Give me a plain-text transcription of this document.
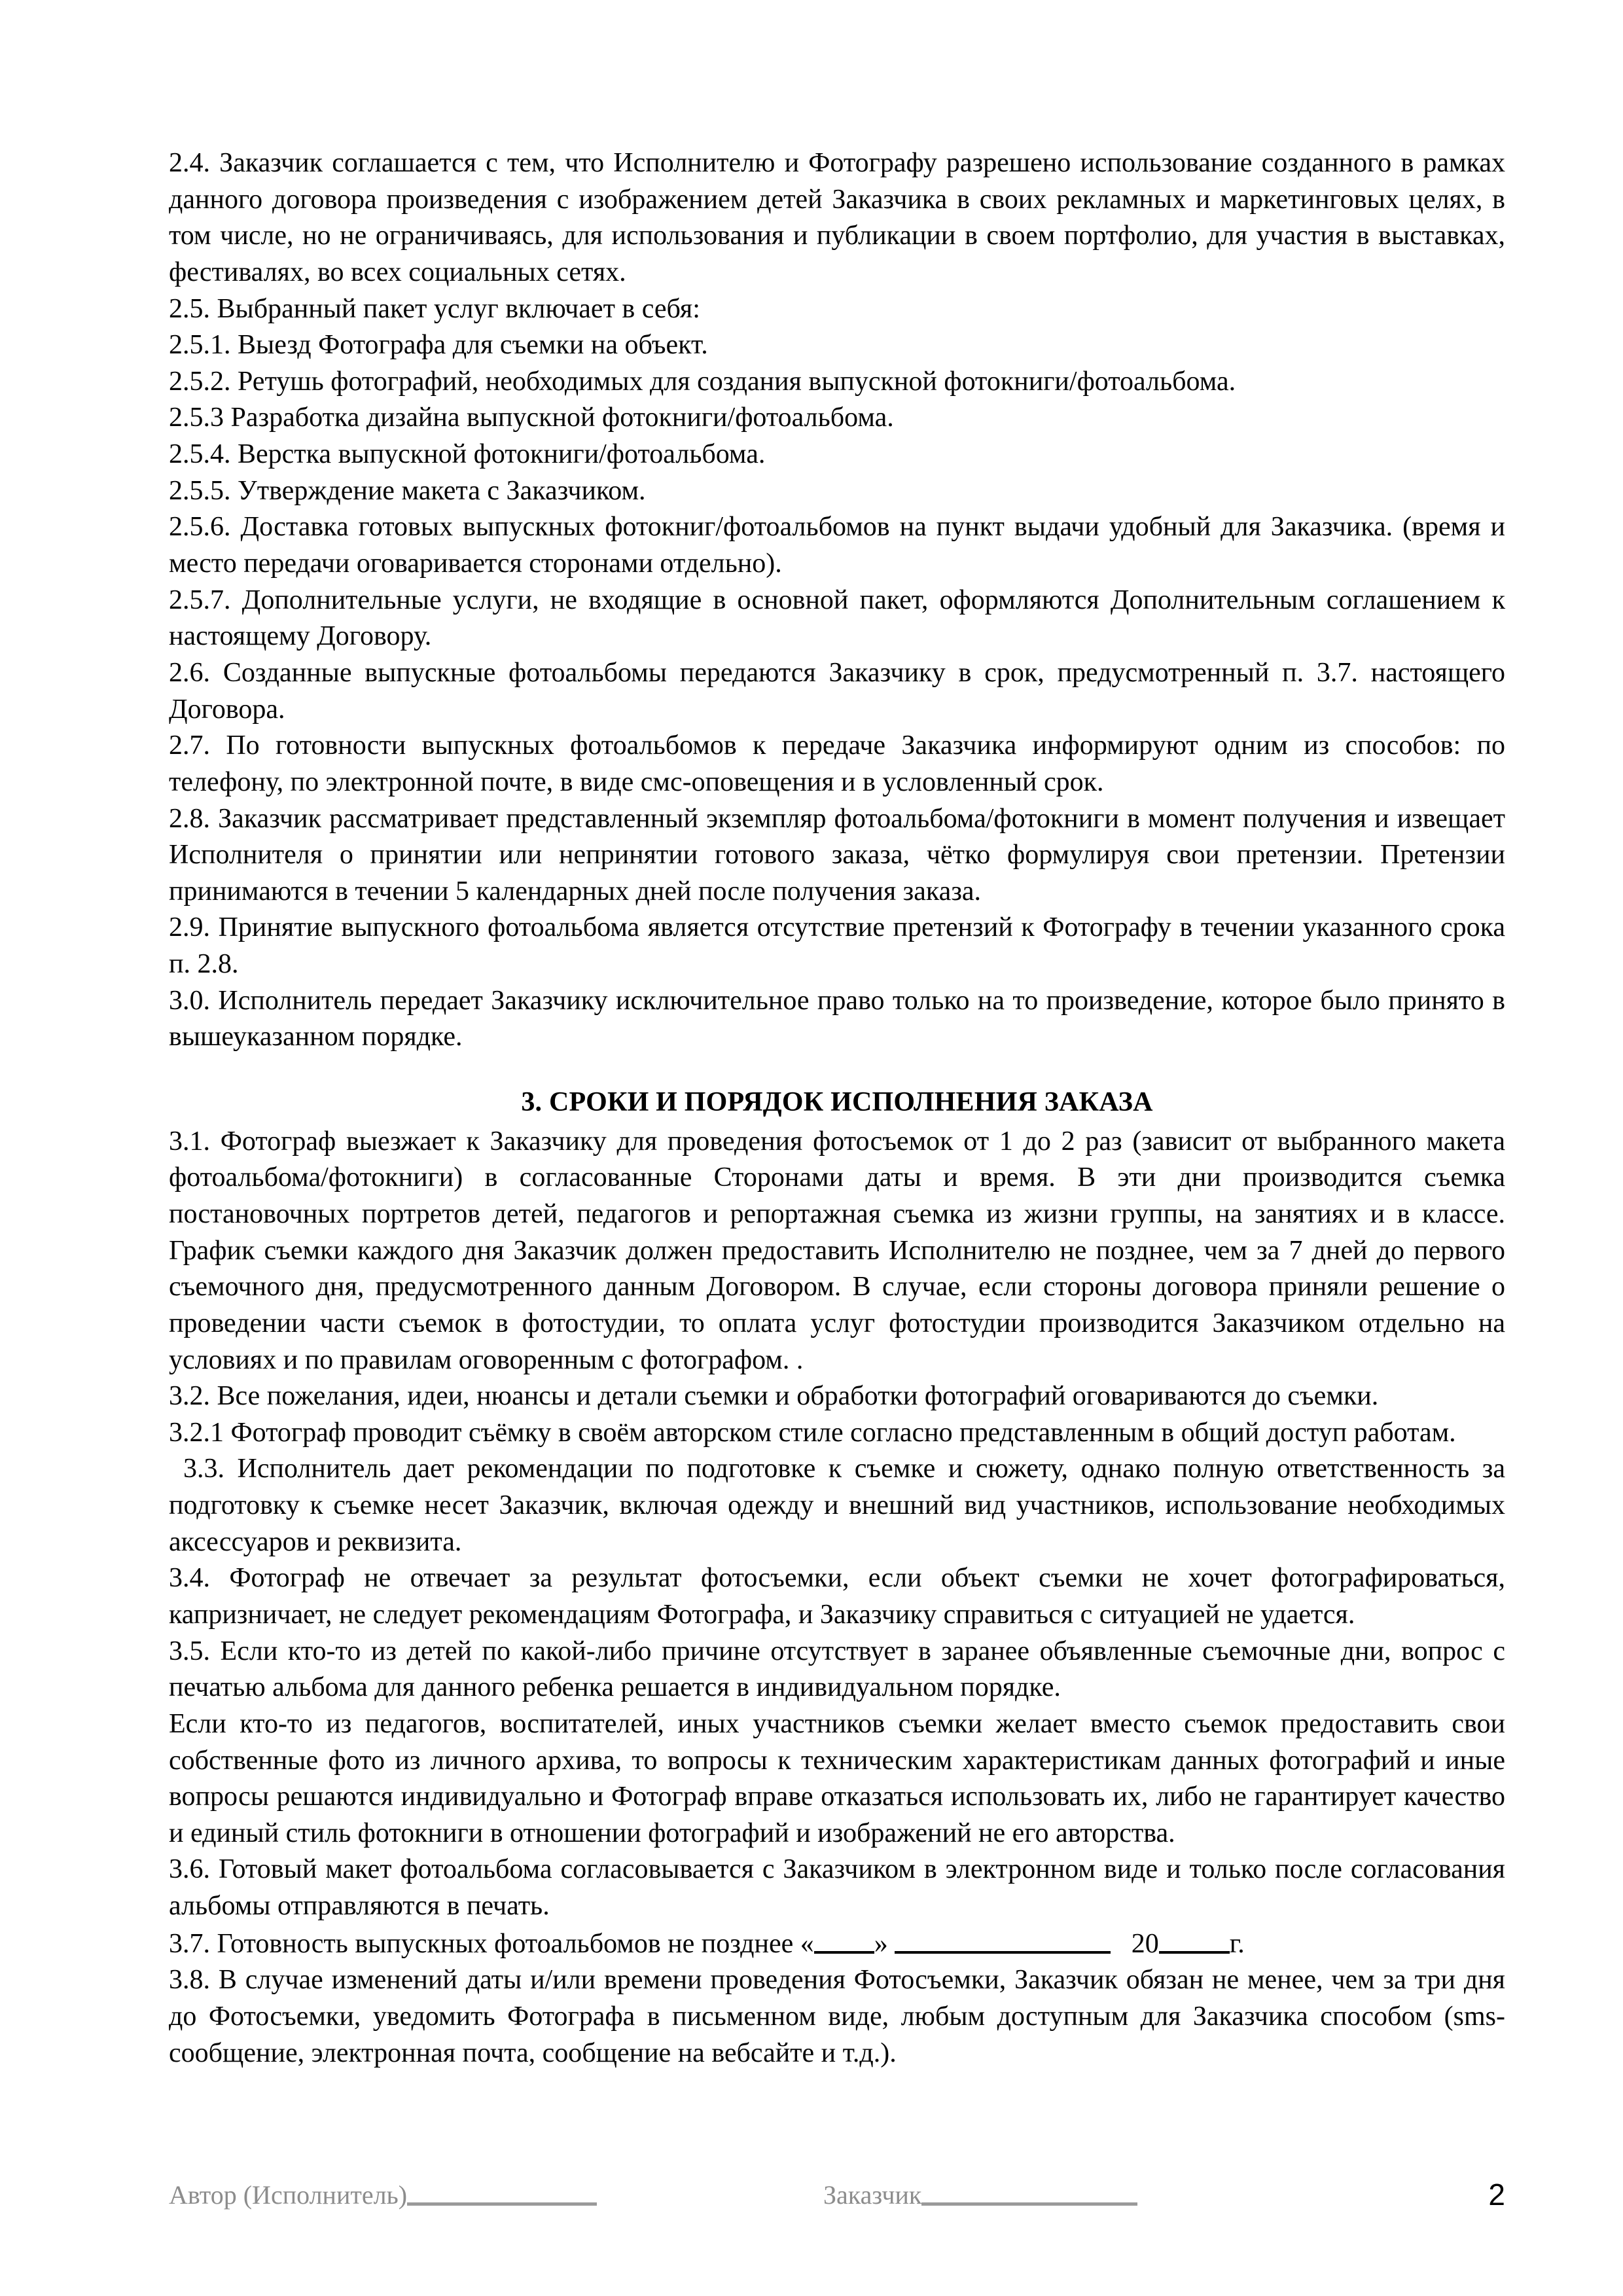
2.4. Заказчик соглашается с тем, что Исполнителю и Фотографу разрешено использование созданного в рамках данного договора произведения с изображением детей Заказчика в своих рекламных и маркетинговых целях, в том числе, но не ограничиваясь, для использования и публикации в своем портфолио, для участия в выставках, фестивалях, во всех социальных сетях.

2.5. Выбранный пакет услуг включает в себя:

2.5.1. Выезд Фотографа для съемки на объект.

2.5.2. Ретушь фотографий, необходимых для создания выпускной фотокниги/фотоальбома.

2.5.3 Разработка дизайна выпускной фотокниги/фотоальбома.

2.5.4. Верстка выпускной фотокниги/фотоальбома.

2.5.5. Утверждение макета с Заказчиком.

2.5.6. Доставка готовых выпускных фотокниг/фотоальбомов на пункт выдачи удобный для Заказчика. (время и место передачи оговаривается сторонами отдельно).

2.5.7. Дополнительные услуги, не входящие в основной пакет, оформляются Дополнительным соглашением к настоящему Договору.

2.6. Созданные выпускные фотоальбомы передаются Заказчику в срок, предусмотренный п. 3.7. настоящего Договора.

2.7. По готовности выпускных фотоальбомов к передаче Заказчика информируют одним из способов: по телефону, по электронной почте, в виде смс-оповещения и в условленный срок.

2.8. Заказчик рассматривает представленный экземпляр фотоальбома/фотокниги в момент получения и извещает Исполнителя о принятии или непринятии готового заказа, чётко формулируя свои претензии. Претензии принимаются в течении 5 календарных дней после получения заказа.

2.9. Принятие выпускного фотоальбома является отсутствие претензий к Фотографу в течении указанного срока п. 2.8.

3.0. Исполнитель передает Заказчику исключительное право только на то произведение, которое было принято в вышеуказанном порядке.

3. СРОКИ И ПОРЯДОК ИСПОЛНЕНИЯ ЗАКАЗА

3.1. Фотограф выезжает к Заказчику для проведения фотосъемок от 1 до 2 раз (зависит от выбранного макета фотоальбома/фотокниги) в согласованные Сторонами даты и время. В эти дни производится съемка постановочных портретов детей, педагогов и репортажная съемка из жизни группы, на занятиях и в классе. График съемки каждого дня Заказчик должен предоставить Исполнителю не позднее, чем за 7 дней до первого съемочного дня, предусмотренного данным Договором. В случае, если стороны договора приняли решение о проведении части съемок в фотостудии, то оплата услуг фотостудии производится Заказчиком отдельно на условиях и по правилам оговоренным с фотографом. .

3.2. Все пожелания, идеи, нюансы и детали съемки и обработки фотографий оговариваются до съемки.

3.2.1 Фотограф проводит съёмку в своём авторском стиле согласно представленным в общий доступ работам.

3.3. Исполнитель дает рекомендации по подготовке к съемке и сюжету, однако полную ответственность за подготовку к съемке несет Заказчик, включая одежду и внешний вид участников, использование необходимых аксессуаров и реквизита.

3.4. Фотограф не отвечает за результат фотосъемки, если объект съемки не хочет фотографироваться, капризничает, не следует рекомендациям Фотографа, и Заказчику справиться с ситуацией не удается.

3.5. Если кто-то из детей по какой-либо причине отсутствует в заранее объявленные съемочные дни, вопрос с печатью альбома для данного ребенка решается в индивидуальном порядке.

Если кто-то из педагогов, воспитателей, иных участников съемки желает вместо съемок предоставить свои собственные фото из личного архива, то вопросы к техническим характеристикам данных фотографий и иные вопросы решаются индивидуально и Фотограф вправе отказаться использовать их, либо не гарантирует качество и единый стиль фотокниги в отношении фотографий и изображений не его авторства.

3.6. Готовый макет фотоальбома согласовывается с Заказчиком в электронном виде и только после согласования альбомы отправляются в печать.

3.7. Готовность выпускных фотоальбомов не позднее « »	20	г.

3.8. В случае изменений даты и/или времени проведения Фотосъемки, Заказчик обязан не менее, чем за три дня до Фотосъемки, уведомить Фотографа в письменном виде, любым доступным для Заказчика способом (sms-сообщение, электронная почта, сообщение на вебсайте и т.д.).

Автор (Исполнитель)	Заказчик	2
